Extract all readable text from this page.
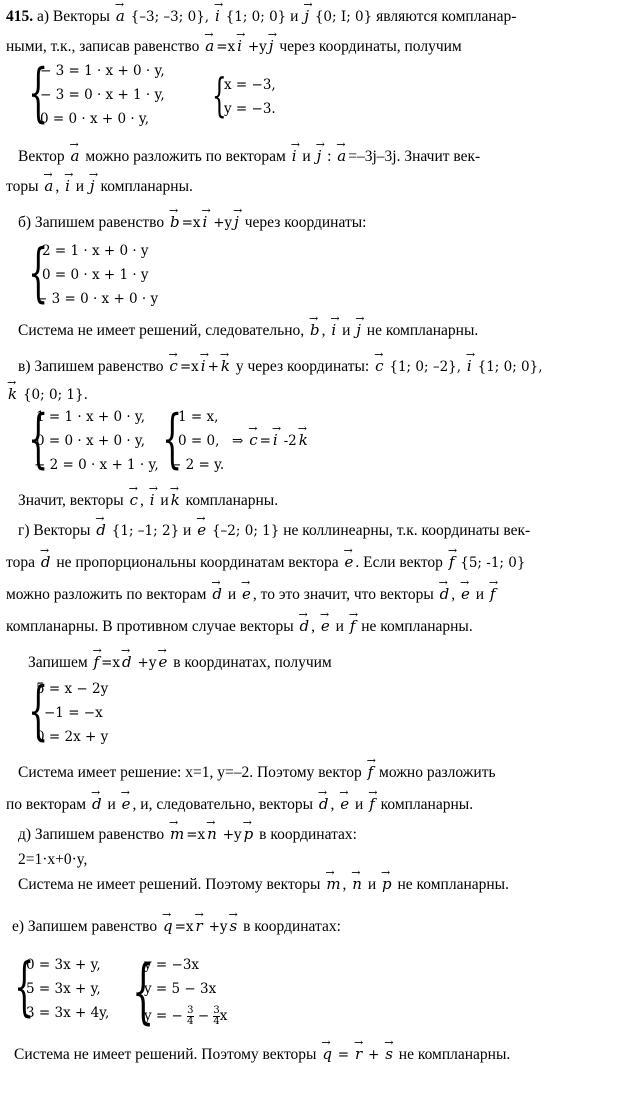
415. а) Векторы → a {–3; –3; 0}, → i {1; 0; 0} и → j {0; I; 0} являются компланар-
ными, т.к., записав равенство → a =x → i +y → j через координаты, получим
{
− 3 = 1 · x + 0 · y,
− 3 = 0 · x + 1 · y,
0 = 0 · x + 0 · y, {
x = −3,
y = −3.
Вектор → a можно разложить по векторам → i и → j : → a =–3j–3j. Значит век-
торы → a , → i и → j компланарны.
б) Запишем равенство → b =x → i +y → j через координаты:
{
2 = 1 · x + 0 · y
0 = 0 · x + 1 · y
− 3 = 0 · x + 0 · y
Система не имеет решений, следовательно, → b , → i и → j не компланарны.
в) Запишем равенство → c =x → i + → k y через координаты: → c {1; 0; –2}, → i {1; 0; 0},
→ k {0; 0; 1}.
{
1 = 1 · x + 0 · y,
0 = 0 · x + 0 · y,
− 2 = 0 · x + 1 · y, {
1 = x,
0 = 0,
− 2 = y.
⇒ → c = → i -2 → k
Значит, векторы → c , → i и → k компланарны.
г) Векторы → d {1; –1; 2} и → e {–2; 0; 1} не коллинеарны, т.к. координаты век-
тора → d не пропорциональны координатам вектора → e . Если вектор → f {5; -1; 0}
можно разложить по векторам → d и → e , то это значит, что векторы → d , → e и → f
компланарны. В противном случае векторы → d , → e и → f не компланарны.
Запишем → f =x → d +y → e в координатах, получим
{
5 = x − 2y
−1 = −x
0 = 2x + y
Система имеет решение: x=1, y=–2. Поэтому вектор → f можно разложить
по векторам → d и → e , и, следовательно, векторы → d , → e и → f компланарны.
д) Запишем равенство → m =x → n +y → p в координатах:
2=1·x+0·y,
Система не имеет решений. Поэтому векторы → m , → n и → p не компланарны.
е) Запишем равенство → q =x → r +y → s в координатах:
{
0 = 3x + y,
5 = 3x + y,
3 = 3x + 4y, {
y = −3x
y = 5 − 3x
y = − $\frac{3}{4} - \frac{3}{4}$ x
Система не имеет решений. Поэтому векторы → q = → r + → s не компланарны.
